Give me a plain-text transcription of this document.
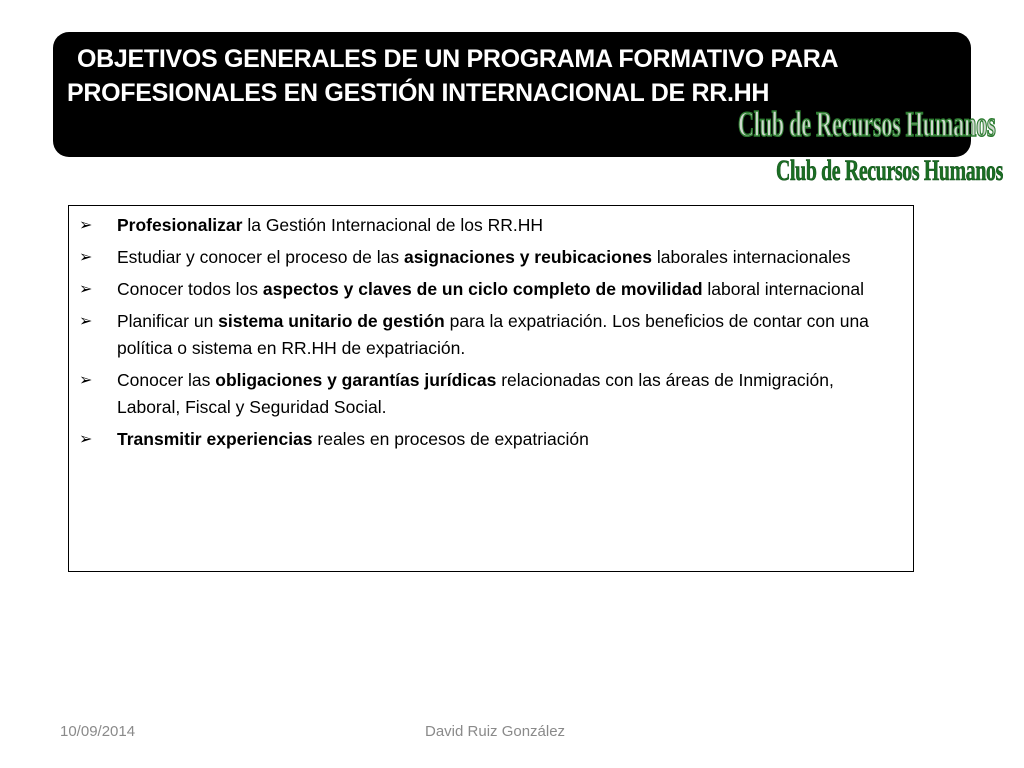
OBJETIVOS GENERALES DE UN PROGRAMA FORMATIVO PARA
PROFESIONALES EN GESTIÓN INTERNACIONAL DE RR.HH
Club de Recursos Humanos
Club de Recursos Humanos
➢ Profesionalizar la Gestión Internacional de los RR.HH
➢ Estudiar y conocer el proceso de las asignaciones y reubicaciones laborales internacionales
➢ Conocer todos los aspectos y claves de un ciclo completo de movilidad laboral internacional
➢ Planificar un sistema unitario de gestión para la expatriación. Los beneficios de contar con una política o sistema en RR.HH de expatriación.
➢ Conocer las obligaciones y garantías jurídicas relacionadas con las áreas de Inmigración, Laboral, Fiscal y Seguridad Social.
➢ Transmitir experiencias reales en procesos de expatriación
10/09/2014	David Ruiz González
